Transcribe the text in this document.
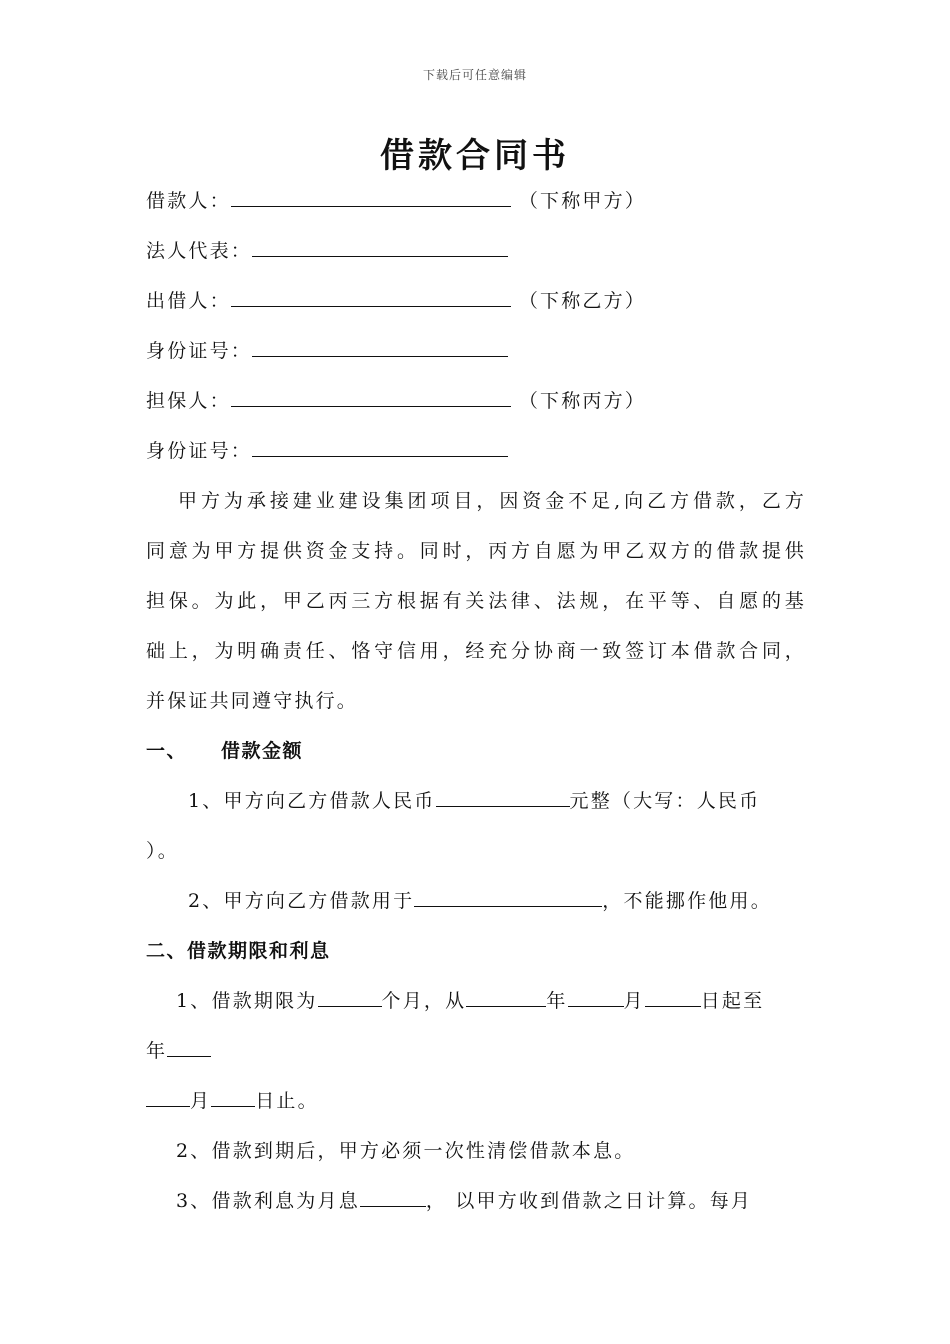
下载后可任意编辑
借款合同书
借款人：	（下称甲方）
法人代表：
出借人：	（下称乙方）
身份证号：
担保人：	（下称丙方）
身份证号：
甲方为承接建业建设集团项目，因资金不足,向乙方借款，乙方
同意为甲方提供资金支持。同时，丙方自愿为甲乙双方的借款提供
担保。为此，甲乙丙三方根据有关法律、法规，在平等、自愿的基
础上，为明确责任、恪守信用，经充分协商一致签订本借款合同，
并保证共同遵守执行。
一、 借款金额
1、甲方向乙方借款人民币	元整（大写：人民币
）。
2、甲方向乙方借款用于	，不能挪作他用。
二、借款期限和利息
1、借款期限为	个月，从	年	月	日起至
年
月 日止。
2、借款到期后，甲方必须一次性清偿借款本息。
3、借款利息为月息	， 以甲方收到借款之日计算。每月
